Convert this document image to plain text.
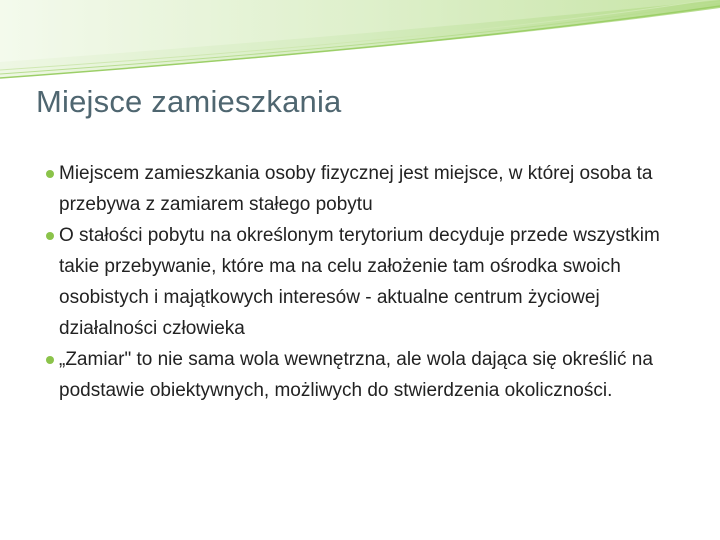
Miejsce zamieszkania
Miejscem zamieszkania osoby fizycznej jest miejsce, w której osoba ta przebywa z zamiarem stałego pobytu
O stałości pobytu na określonym terytorium decyduje przede wszystkim takie przebywanie, które ma na celu założenie tam ośrodka swoich osobistych i majątkowych interesów - aktualne centrum życiowej działalności człowieka
„Zamiar" to nie sama wola wewnętrzna, ale wola dająca się określić na podstawie obiektywnych, możliwych do stwierdzenia okoliczności.
